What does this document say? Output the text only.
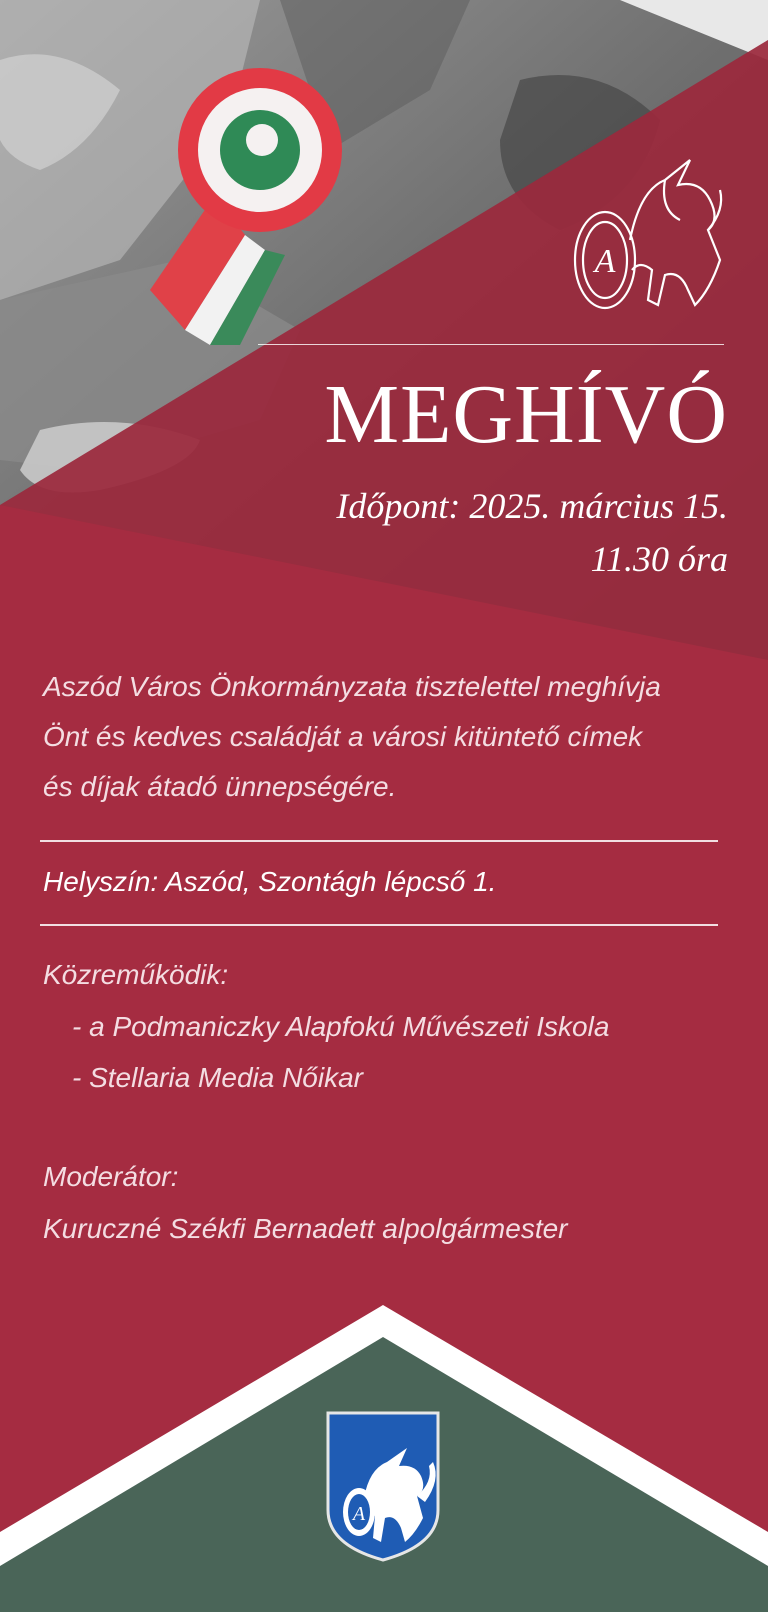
A
MEGHÍVÓ
Időpont: 2025. március 15.
11.30 óra
Aszód Város Önkormányzata tisztelettel meghívja
Önt és kedves családját a városi kitüntető címek
és díjak átadó ünnepségére.
Helyszín: Aszód, Szontágh lépcső 1.
Közreműködik:
- a Podmaniczky Alapfokú Művészeti Iskola
- Stellaria Media Nőikar
Moderátor:
Kuruczné Székfi Bernadett alpolgármester
A
